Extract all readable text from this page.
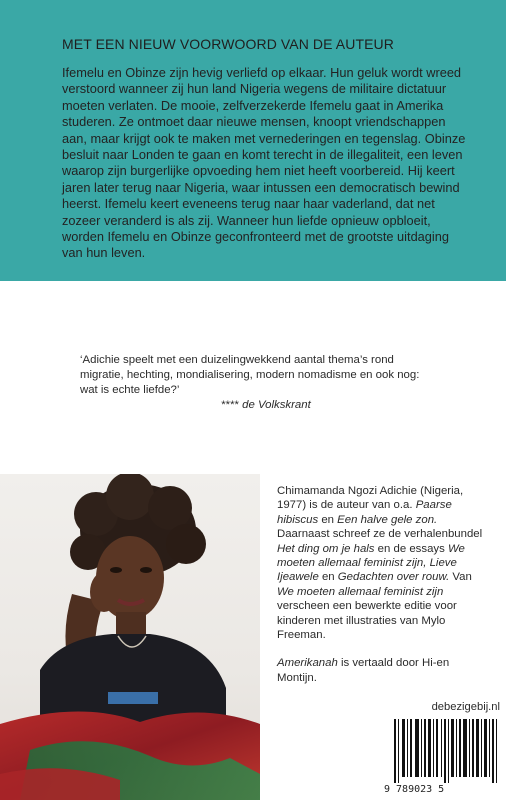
MET EEN NIEUW VOORWOORD VAN DE AUTEUR

Ifemelu en Obinze zijn hevig verliefd op elkaar. Hun geluk wordt wreed verstoord wanneer zij hun land Nigeria wegens de militaire dictatuur moeten verlaten. De mooie, zelfverzekerde Ifemelu gaat in Amerika studeren. Ze ontmoet daar nieuwe mensen, knoopt vriendschappen aan, maar krijgt ook te maken met vernederingen en tegenslag. Obinze besluit naar Londen te gaan en komt terecht in de illegaliteit, een leven waarop zijn burgerlijke opvoeding hem niet heeft voorbereid. Hij keert jaren later terug naar Nigeria, waar intussen een democratisch bewind heerst. Ifemelu keert eveneens terug naar haar vaderland, dat net zozeer veranderd is als zij. Wanneer hun liefde opnieuw opbloeit, worden Ifemelu en Obinze geconfronteerd met de grootste uitdaging van hun leven.

‘Adichie speelt met een duizelingwekkend aantal thema’s rond migratie, hechting, mondialisering, modern nomadisme en ook nog: wat is echte liefde?’
**** de Volkskrant

Chimamanda Ngozi Adichie (Nigeria, 1977) is de auteur van o.a. Paarse hibiscus en Een halve gele zon. Daarnaast schreef ze de verhalenbundel Het ding om je hals en de essays We moeten allemaal feminist zijn, Lieve Ijeawele en Gedachten over rouw. Van We moeten allemaal feminist zijn verscheen een bewerkte editie voor kinderen met illustraties van Mylo Freeman.

Amerikanah is vertaald door Hi-en Montijn.

debezigebij.nl
9 789023 5
